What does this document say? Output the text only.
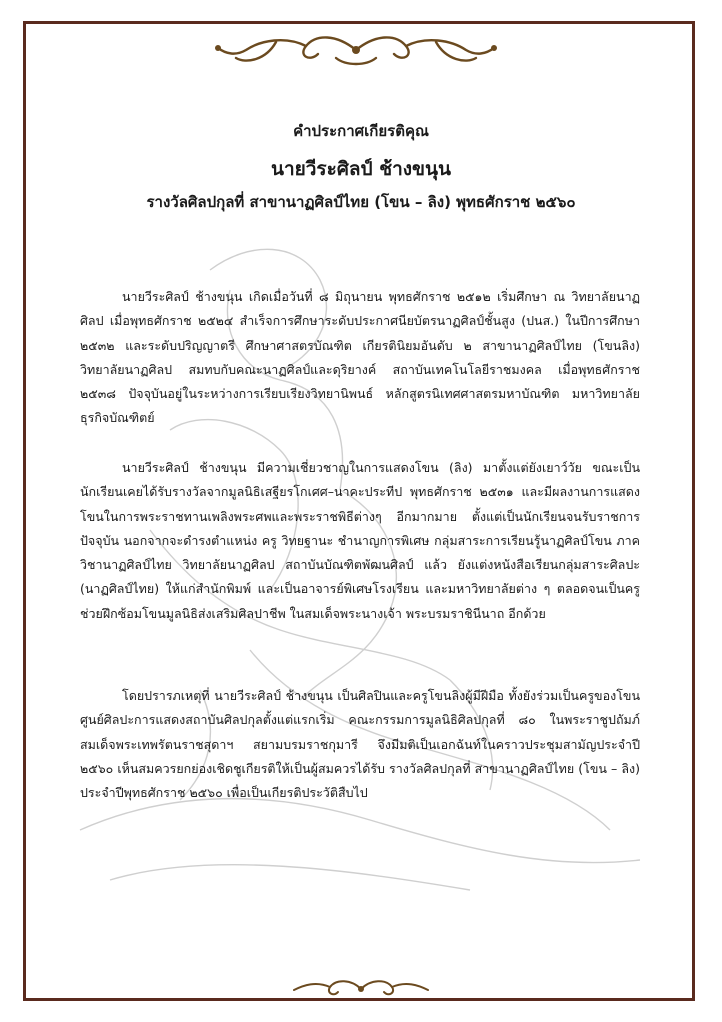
คำประกาศเกียรติคุณ
นายวีระศิลป์ ช้างขนุน
รางวัลศิลปกุลที่ สาขานาฏศิลป์ไทย (โขน – ลิง) พุทธศักราช ๒๕๖๐

นายวีระศิลป์ ช้างขนุน เกิดเมื่อวันที่ ๘ มิถุนายน พุทธศักราช ๒๕๑๒ เริ่มศึกษา ณ วิทยาลัยนาฏศิลป เมื่อพุทธศักราช ๒๕๒๔ สำเร็จการศึกษาระดับประกาศนียบัตรนาฏศิลป์ชั้นสูง (ปนส.) ในปีการศึกษา ๒๕๓๒ และระดับปริญญาตรี ศึกษาศาสตรบัณฑิต เกียรตินิยมอันดับ ๒ สาขานาฏศิลป์ไทย (โขนลิง) วิทยาลัยนาฏศิลป สมทบกับคณะนาฏศิลป์และดุริยางค์ สถาบันเทคโนโลยีราชมงคล เมื่อพุทธศักราช ๒๕๓๘ ปัจจุบันอยู่ในระหว่างการเรียบเรียงวิทยานิพนธ์ หลักสูตรนิเทศศาสตรมหาบัณฑิต มหาวิทยาลัยธุรกิจบัณฑิตย์

นายวีระศิลป์ ช้างขนุน มีความเชี่ยวชาญในการแสดงโขน (ลิง) มาตั้งแต่ยังเยาว์วัย ขณะเป็นนักเรียนเคยได้รับรางวัลจากมูลนิธิเสฐียรโกเศศ–นาคะประทีป พุทธศักราช ๒๕๓๑ และมีผลงานการแสดงโขนในการพระราชทานเพลิงพระศพและพระราชพิธีต่างๆ อีกมากมาย ตั้งแต่เป็นนักเรียนจนรับราชการ ปัจจุบัน นอกจากจะดำรงตำแหน่ง ครู วิทยฐานะ ชำนาญการพิเศษ กลุ่มสาระการเรียนรู้นาฏศิลป์โขน ภาควิชานาฏศิลป์ไทย วิทยาลัยนาฏศิลป สถาบันบัณฑิตพัฒนศิลป์ แล้ว ยังแต่งหนังสือเรียนกลุ่มสาระศิลปะ (นาฏศิลป์ไทย) ให้แก่สำนักพิมพ์ และเป็นอาจารย์พิเศษโรงเรียน และมหาวิทยาลัยต่าง ๆ ตลอดจนเป็นครูช่วยฝึกซ้อมโขนมูลนิธิส่งเสริมศิลปาชีพ ในสมเด็จพระนางเจ้า พระบรมราชินีนาถ อีกด้วย

โดยปรารภเหตุที่ นายวีระศิลป์ ช้างขนุน เป็นศิลปินและครูโขนลิงผู้มีฝีมือ ทั้งยังร่วมเป็นครูของโขนศูนย์ศิลปะการแสดงสถาบันศิลปกุลตั้งแต่แรกเริ่ม คณะกรรมการมูลนิธิศิลปกุลที่ ๘๐ ในพระราชูปถัมภ์สมเด็จพระเทพรัตนราชสุดาฯ สยามบรมราชกุมารี จึงมีมติเป็นเอกฉันท์ในคราวประชุมสามัญประจำปี ๒๕๖๐ เห็นสมควรยกย่องเชิดชูเกียรติให้เป็นผู้สมควรได้รับ รางวัลศิลปกุลที่ สาขานาฏศิลป์ไทย (โขน – ลิง) ประจำปีพุทธศักราช ๒๕๖๐ เพื่อเป็นเกียรติประวัติสืบไป
